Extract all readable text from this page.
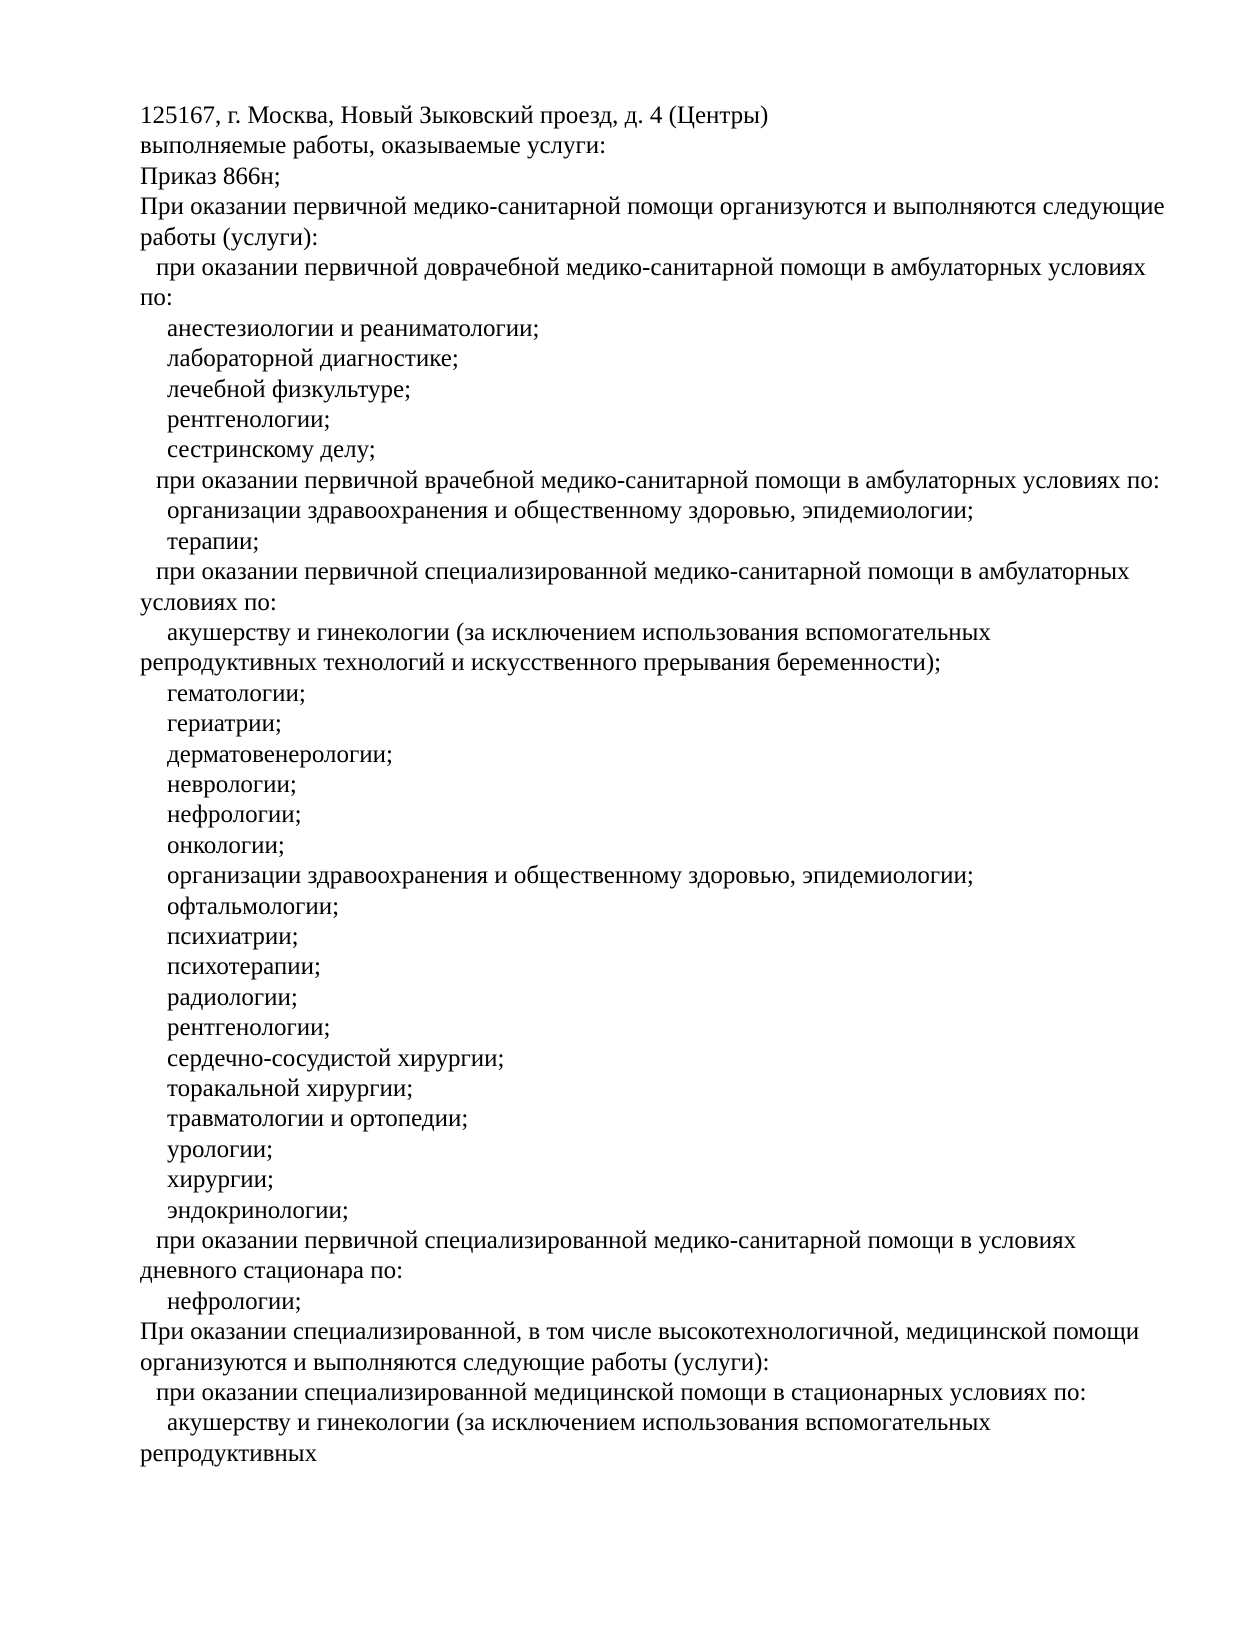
125167, г. Москва, Новый Зыковский проезд, д. 4 (Центры)

выполняемые работы, оказываемые услуги:

Приказ 866н;

При оказании первичной медико-санитарной помощи организуются и выполняются следующие работы (услуги):

при оказании первичной доврачебной медико-санитарной помощи в амбулаторных условиях по:

анестезиологии и реаниматологии;

лабораторной диагностике;

лечебной физкультуре;

рентгенологии;

сестринскому делу;

при оказании первичной врачебной медико-санитарной помощи в амбулаторных условиях по:

организации здравоохранения и общественному здоровью, эпидемиологии;

терапии;

при оказании первичной специализированной медико-санитарной помощи в амбулаторных условиях по:

акушерству и гинекологии (за исключением использования вспомогательных репродуктивных технологий и искусственного прерывания беременности);

гематологии;

гериатрии;

дерматовенерологии;

неврологии;

нефрологии;

онкологии;

организации здравоохранения и общественному здоровью, эпидемиологии;

офтальмологии;

психиатрии;

психотерапии;

радиологии;

рентгенологии;

сердечно-сосудистой хирургии;

торакальной хирургии;

травматологии и ортопедии;

урологии;

хирургии;

эндокринологии;

при оказании первичной специализированной медико-санитарной помощи в условиях дневного стационара по:

нефрологии;

При оказании специализированной, в том числе высокотехнологичной, медицинской помощи организуются и выполняются следующие работы (услуги):

при оказании специализированной медицинской помощи в стационарных условиях по:

акушерству и гинекологии (за исключением использования вспомогательных репродуктивных
